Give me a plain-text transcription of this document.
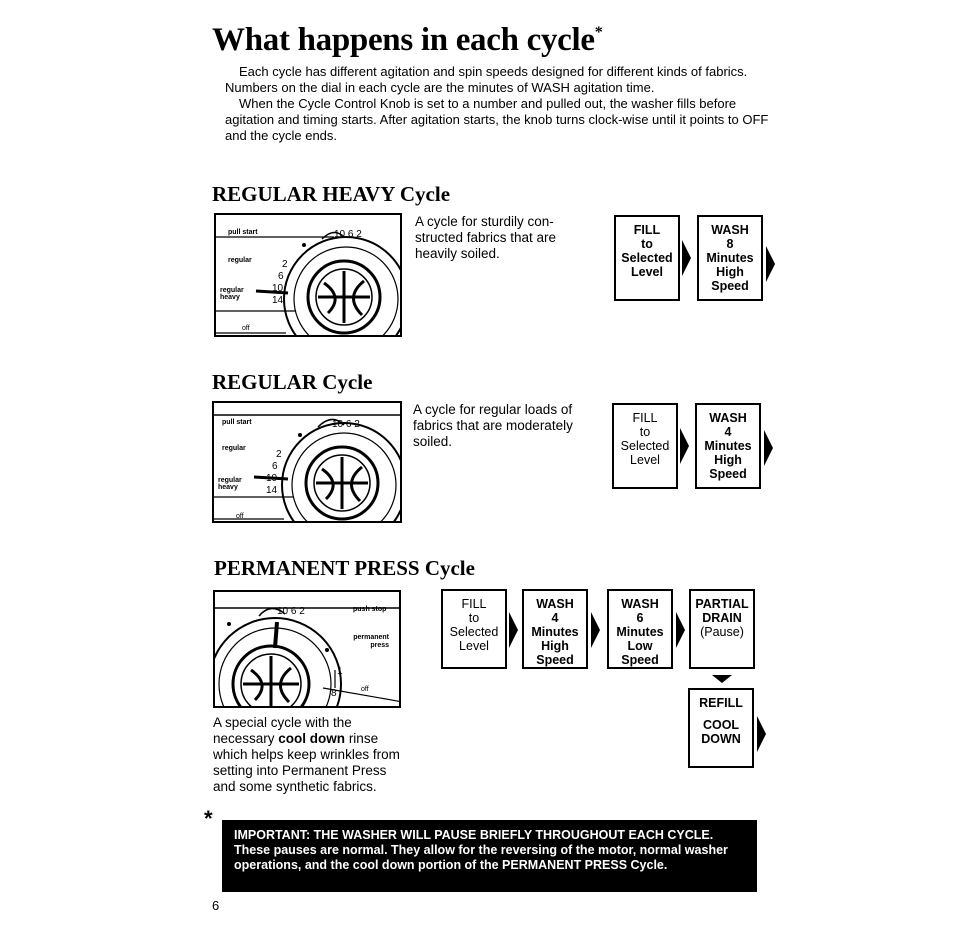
What happens in each cycle*

Each cycle has different agitation and spin speeds designed for different kinds of fabrics. Numbers on the dial in each cycle are the minutes of WASH agitation time.

When the Cycle Control Knob is set to a number and pulled out, the washer fills before agitation and timing starts. After agitation starts, the knob turns clock-wise until it points to OFF and the cycle ends.

REGULAR HEAVY Cycle
pull start
regular
regular heavy
off
2
6
10
14
10 6 2
A cycle for sturdily con-structed fabrics that are heavily soiled.
FILL
to
Selected
Level
WASH
8
Minutes
High
Speed
REGULAR Cycle
pull start
regular
regular heavy
off
2
6
10
14
10 6 2
A cycle for regular loads of fabrics that are moderately soiled.
FILL
to
Selected
Level
WASH
4
Minutes
High
Speed
PERMANENT PRESS Cycle
push stop
permanent press
off
1
8
10 6 2
A special cycle with the necessary cool down rinse which helps keep wrinkles from setting into Permanent Press and some synthetic fabrics.
FILL
to
Selected
Level
WASH
4
Minutes
High
Speed
WASH
6
Minutes
Low
Speed
PARTIAL
DRAIN
(Pause)
REFILL
COOL
DOWN
*
IMPORTANT: THE WASHER WILL PAUSE BRIEFLY THROUGHOUT EACH CYCLE.
These pauses are normal. They allow for the reversing of the motor, normal washer operations, and the cool down portion of the PERMANENT PRESS Cycle.
6
